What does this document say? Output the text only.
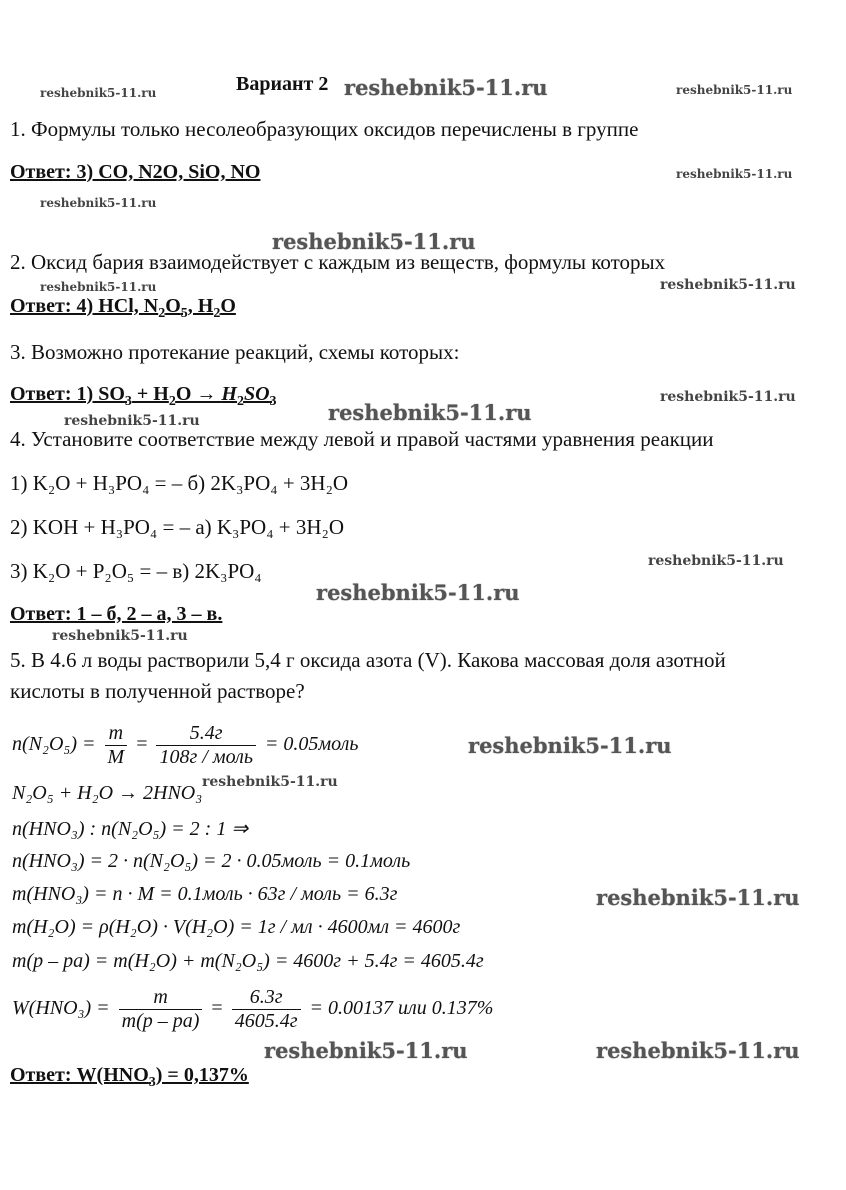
reshebnik5-11.ru	reshebnik5-11.ru
reshebnik5-11.ru
reshebnik5-11.ru
reshebnik5-11.ru	reshebnik5-11.ru
reshebnik5-11.ru
reshebnik5-11.ru
reshebnik5-11.ru
reshebnik5-11.ru
reshebnik5-11.ru
reshebnik5-11.ru
reshebnik5-11.ru
reshebnik5-11.ru
reshebnik5-11.ru
reshebnik5-11.ru
reshebnik5-11.ru
reshebnik5-11.ru	reshebnik5-11.ru
Вариант 2
1. Формулы только несолеобразующих оксидов перечислены в группе
Ответ: 3) CO, N2O, SiO, NO
2. Оксид бария взаимодействует с каждым из веществ, формулы которых
Ответ: 4) HCl, $N_2O_5$, $H_2O$
3. Возможно протекание реакций, схемы которых:
Ответ: 1) $SO_3 + H_2O \to H_2SO_3$
4. Установите соответствие между левой и правой частями уравнения реакции
1) K₂O + H₃PO₄ = – б) 2K₃PO₄ + 3H₂O
2) KOH + H₃PO₄ = – а) K₃PO₄ + 3H₂O
3) K₂O + P₂O₅ = – в) 2K₃PO₄
Ответ: 1 – б, 2 – а, 3 – в.
5. В 4.6 л воды растворили 5,4 г оксида азота (V). Какова массовая доля азотной
кислоты в полученной растворе?
$n(N_2O_5) = \frac{m}{M} = \frac{5.4г}{\text{108г / моль}}$ = 0.05моль
N₂O₅ + H₂O → 2HNO₃
n(HNO₃) : n(N₂O₅) = 2 : 1 ⇒
n(HNO₃) = 2 · n(N₂O₅) = 2 · 0.05моль = 0.1моль
m(HNO₃) = n · M = 0.1моль · 63г / моль = 6.3г
m(H₂O) = ρ(H₂O) · V(H₂O) = 1г / мл · 4600мл = 4600г
m(p – pa) = m(H₂O) + m(N₂O₅) = 4600г + 5.4г = 4605.4г
$W(HNO_3) = \frac{m}{m(p - pa)} = \frac{6.3г}{4605.4г} = 0.00137$ или 0.137%
Ответ: $W(HNO_3) = 0,137\%$
